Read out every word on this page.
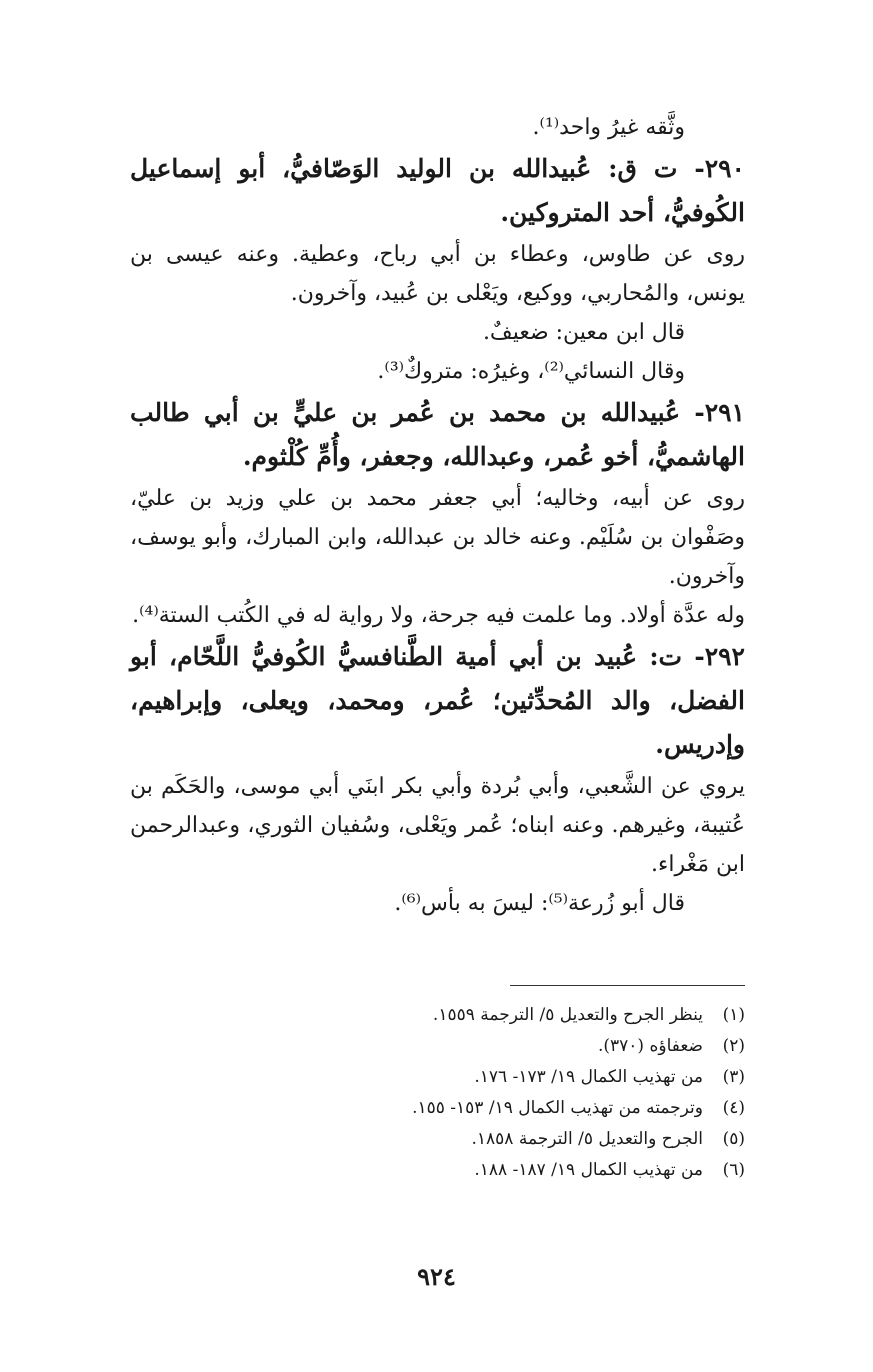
وثَّقه غيرُ واحد⁽¹⁾.

٢٩٠- ت ق: عُبيدالله بن الوليد الوَصّافيُّ، أبو إسماعيل الكُوفيُّ، أحد المتروكين.

روى عن طاوس، وعطاء بن أبي رباح، وعطية. وعنه عيسى بن يونس، والمُحاربي، ووكيع، ويَعْلى بن عُبيد، وآخرون.

قال ابن معين: ضعيفٌ.

وقال النسائي⁽²⁾، وغيرُه: متروكٌ⁽³⁾.

٢٩١- عُبيدالله بن محمد بن عُمر بن عليٍّ بن أبي طالب الهاشميُّ، أخو عُمر، وعبدالله، وجعفر، وأُمِّ كُلْثوم.

روى عن أبيه، وخاليه؛ أبي جعفر محمد بن علي وزيد بن عليّ، وصَفْوان بن سُلَيْم. وعنه خالد بن عبدالله، وابن المبارك، وأبو يوسف، وآخرون.

وله عدَّة أولاد. وما علمت فيه جرحة، ولا رواية له في الكُتب الستة⁽⁴⁾.

٢٩٢- ت: عُبيد بن أبي أمية الطَّنافسيُّ الكُوفيُّ اللَّحّام، أبو الفضل، والد المُحدِّثين؛ عُمر، ومحمد، ويعلى، وإبراهيم، وإدريس.

يروي عن الشَّعبي، وأبي بُردة وأبي بكر ابنَي أبي موسى، والحَكَم بن عُتيبة، وغيرهم. وعنه ابناه؛ عُمر ويَعْلى، وسُفيان الثوري، وعبدالرحمن ابن مَغْراء.

قال أبو زُرعة⁽⁵⁾: ليسَ به بأس⁽⁶⁾.

(١)ينظر الجرح والتعديل ٥/ الترجمة ١٥٥٩.
(٢)ضعفاؤه (٣٧٠).
(٣)من تهذيب الكمال ١٩/ ١٧٣- ١٧٦.
(٤)وترجمته من تهذيب الكمال ١٩/ ١٥٣- ١٥٥.
(٥)الجرح والتعديل ٥/ الترجمة ١٨٥٨.
(٦)من تهذيب الكمال ١٩/ ١٨٧- ١٨٨.
٩٢٤
